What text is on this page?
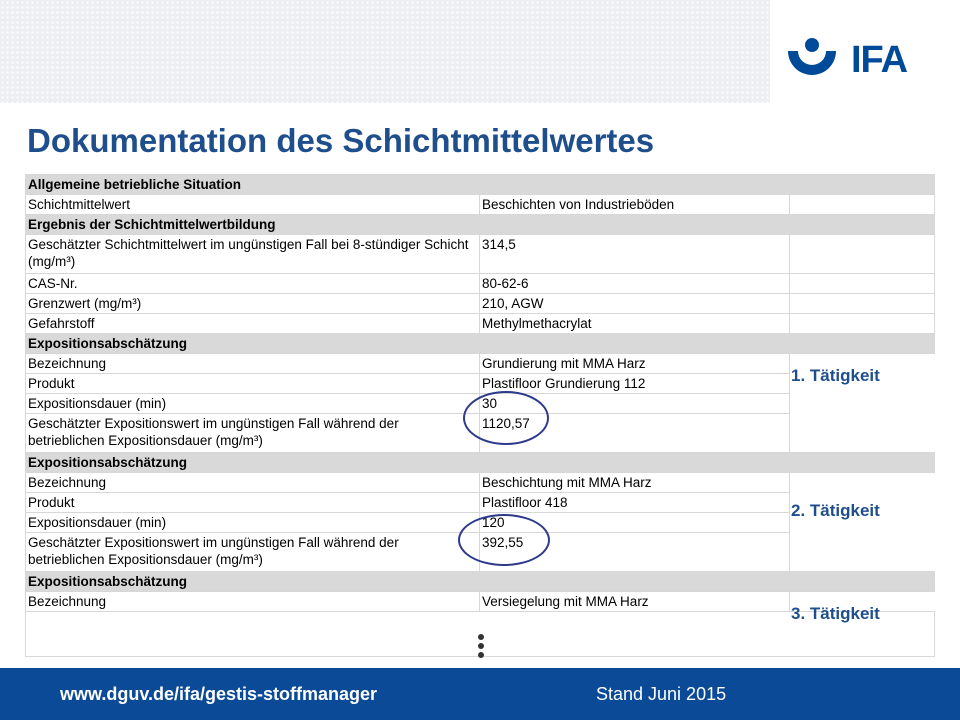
IFA
Dokumentation des Schichtmittelwertes
Allgemeine betriebliche Situation		
Schichtmittelwert	Beschichten von Industrieböden	
Ergebnis der Schichtmittelwertbildung		
Geschätzter Schichtmittelwert im ungünstigen Fall bei 8-stündiger Schicht (mg/m³)	314,5	
CAS-Nr.	80-62-6	
Grenzwert (mg/m³)	210, AGW	
Gefahrstoff	Methylmethacrylat	
Expositionsabschätzung		
Bezeichnung	Grundierung mit MMA Harz	
Produkt	Plastifloor Grundierung 112	
Expositionsdauer (min)	30	
Geschätzter Expositionswert im ungünstigen Fall während der betrieblichen Expositionsdauer (mg/m³)	1120,57	
Expositionsabschätzung		
Bezeichnung	Beschichtung mit MMA Harz	
Produkt	Plastifloor 418	
Expositionsdauer (min)	120	
Geschätzter Expositionswert im ungünstigen Fall während der betrieblichen Expositionsdauer (mg/m³)	392,55	
Expositionsabschätzung		
Bezeichnung	Versiegelung mit MMA Harz	

1. Tätigkeit
2. Tätigkeit
3. Tätigkeit
www.dguv.de/ifa/gestis-stoffmanager	Stand Juni 2015
